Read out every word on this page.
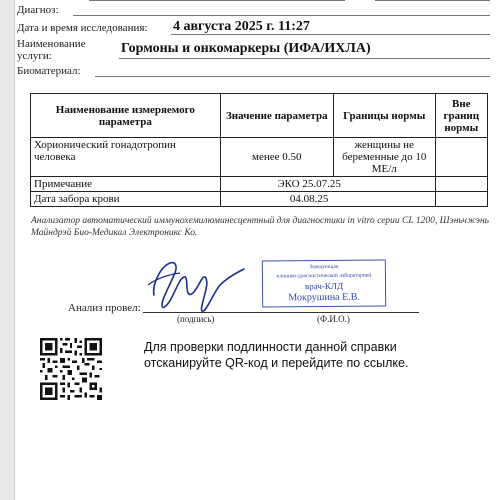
Диагноз:
Дата и время исследования: 4 августа 2025 г. 11:27
Наименование
услуги:	Гормоны и онкомаркеры (ИФА/ИХЛА)
Биоматериал:
Наименование измеряемого параметра	Значение параметра	Границы нормы	Вне границ нормы
Хорионический гонадотропин человека	менее 0.50	женщины не беременные до 10 МЕ/л	
Примечание	ЭКО 25.07.25		
Дата забора крови	04.08.25		
Анализатор автоматический иммунохемилюминесцентный для диагностики in vitro серии CL 1200, Шэньчжэнь Майндрэй Био-Медикал Электроникс Ко.
Заведующая
клинико-диагностической лабораторией
врач-КЛД
Мокрушина Е.В.
Анализ провел:
(подпись)	(Ф.И.О.)
Для проверки подлинности данной справки
отсканируйте QR-код и перейдите по ссылке.
